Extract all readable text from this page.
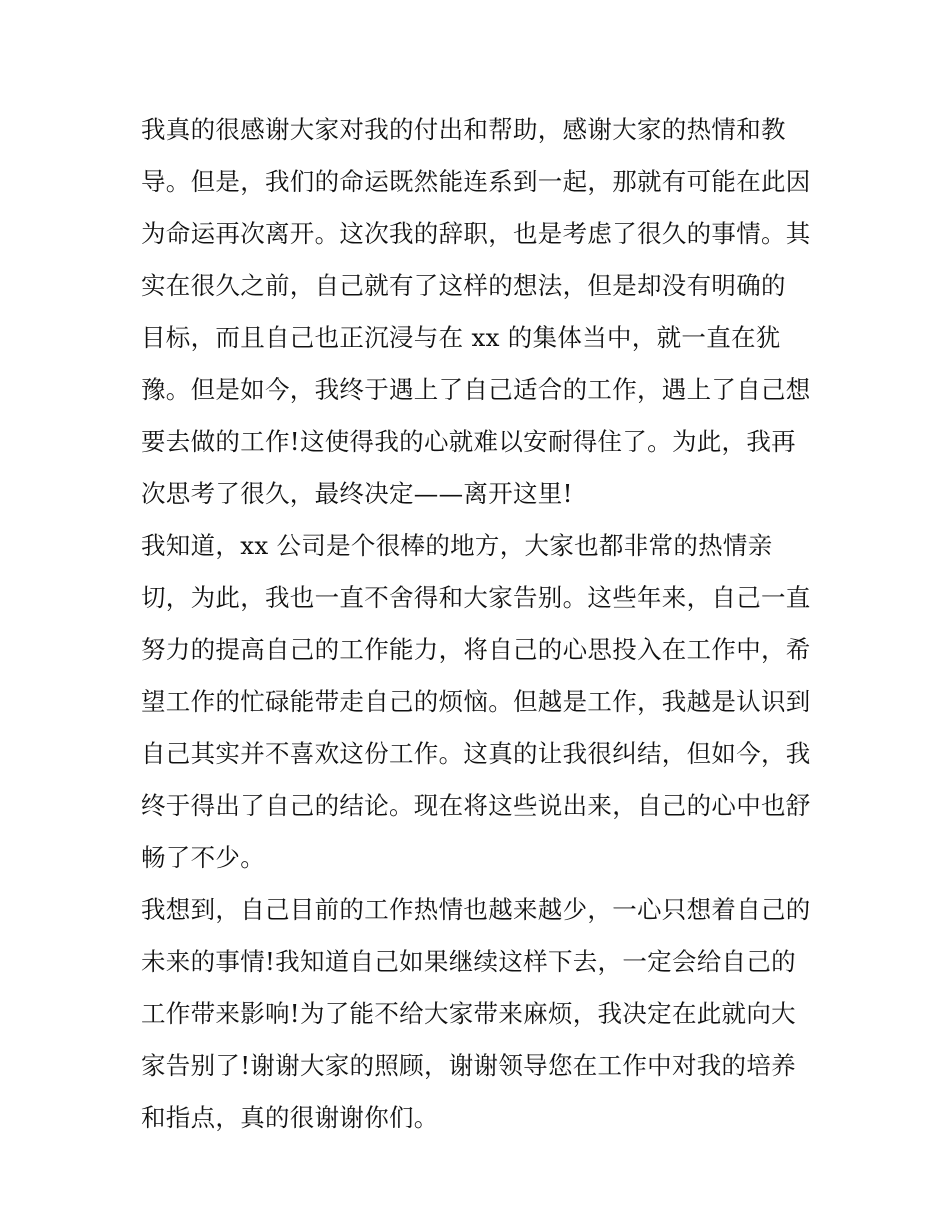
我真的很感谢大家对我的付出和帮助，感谢大家的热情和教
导。但是，我们的命运既然能连系到一起，那就有可能在此因
为命运再次离开。这次我的辞职，也是考虑了很久的事情。其
实在很久之前，自己就有了这样的想法，但是却没有明确的
目标，而且自己也正沉浸与在 xx 的集体当中，就一直在犹
豫。但是如今，我终于遇上了自己适合的工作，遇上了自己想
要去做的工作!这使得我的心就难以安耐得住了。为此，我再
次思考了很久，最终决定——离开这里!
我知道，xx 公司是个很棒的地方，大家也都非常的热情亲
切，为此，我也一直不舍得和大家告别。这些年来，自己一直
努力的提高自己的工作能力，将自己的心思投入在工作中，希
望工作的忙碌能带走自己的烦恼。但越是工作，我越是认识到
自己其实并不喜欢这份工作。这真的让我很纠结，但如今，我
终于得出了自己的结论。现在将这些说出来，自己的心中也舒
畅了不少。
我想到，自己目前的工作热情也越来越少，一心只想着自己的
未来的事情!我知道自己如果继续这样下去，一定会给自己的
工作带来影响!为了能不给大家带来麻烦，我决定在此就向大
家告别了!谢谢大家的照顾，谢谢领导您在工作中对我的培养
和指点，真的很谢谢你们。
